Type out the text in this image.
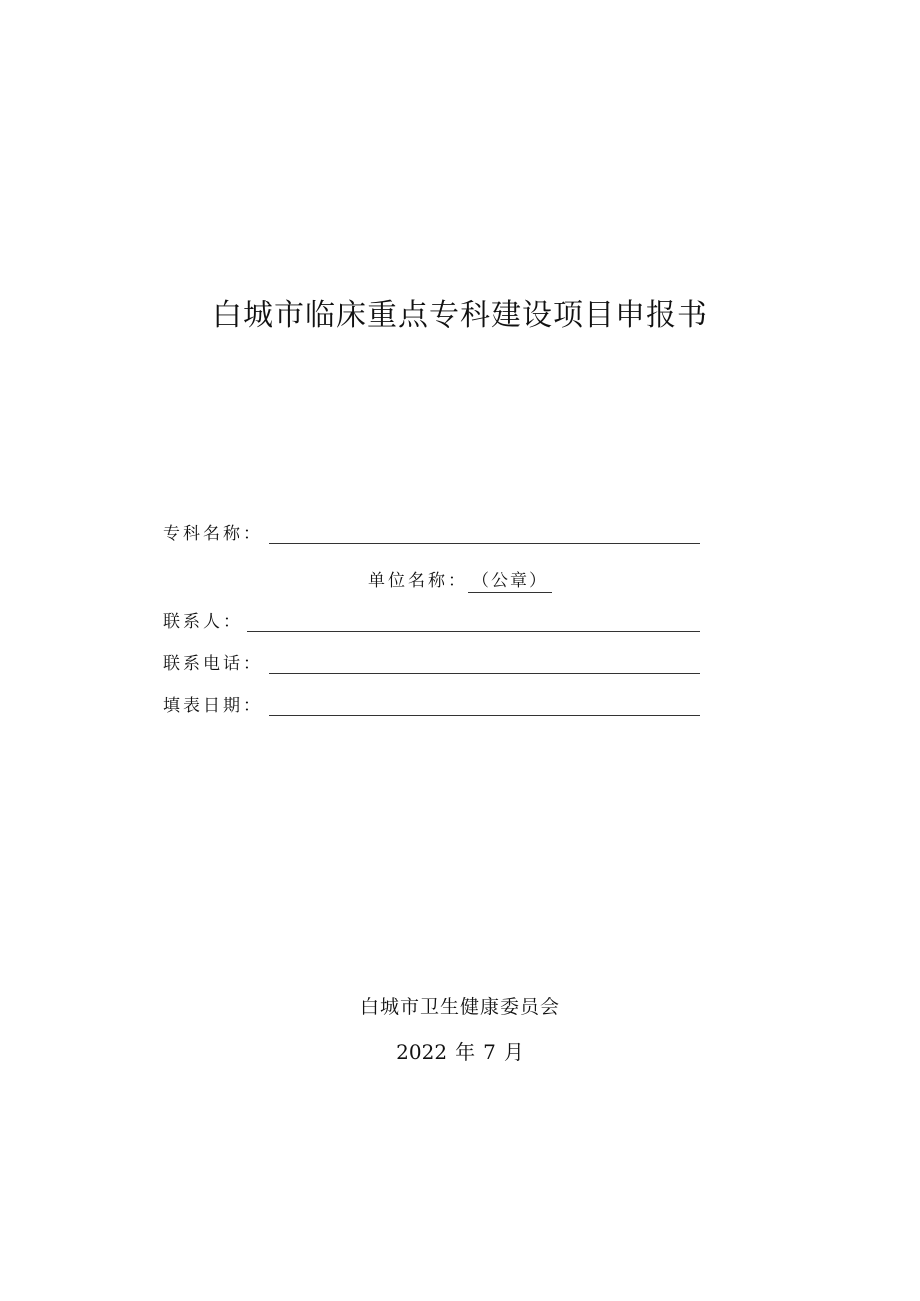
白城市临床重点专科建设项目申报书
专科名称：
单位名称： （公章）
联系人：
联系电话：
填表日期：
白城市卫生健康委员会
2022 年 7 月
